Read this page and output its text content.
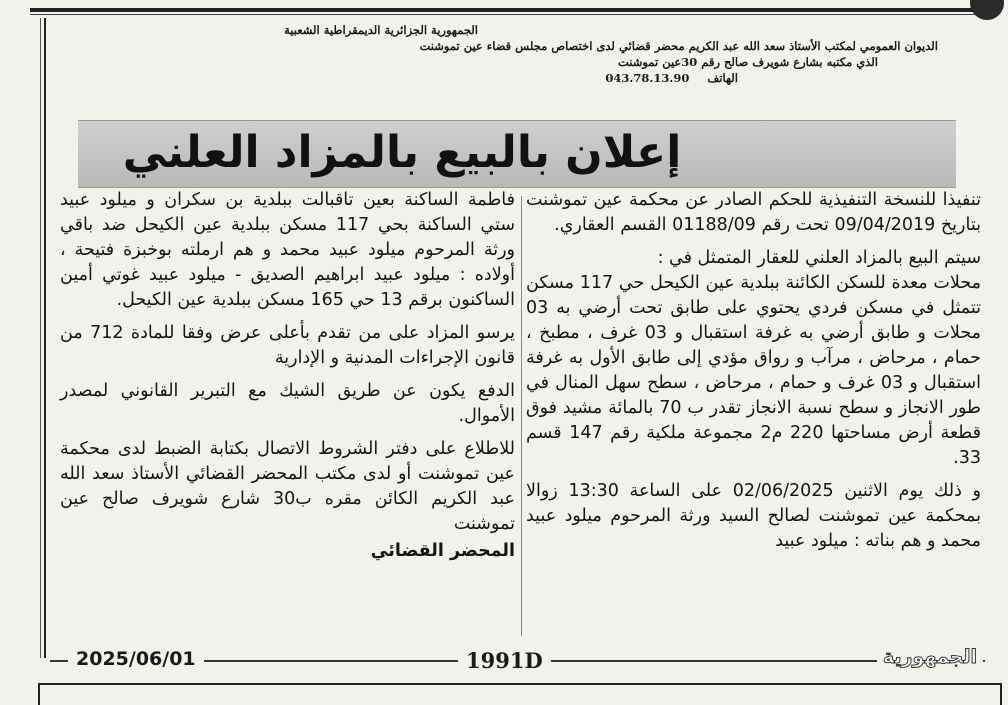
الجمهورية الجزائرية الديمقراطية الشعبية
الديوان العمومي لمكتب الأستاذ سعد الله عبد الكريم محضر قضائي لدى اختصاص مجلس قضاء عين تموشنت
الذي مكتبه بشارع شويرف صالح رقم 30عين تموشنت
الهاتف 043.78.13.90
إعلان بالبيع بالمزاد العلني

تنفيذا للنسخة التنفيذية للحكم الصادر عن محكمة عين تموشنت بتاريخ 09/04/2019 تحت رقم 01188/09 القسم العقاري.

سيتم البيع بالمزاد العلني للعقار المتمثل في :

محلات معدة للسكن الكائنة ببلدية عين الكيحل حي 117 مسكن تتمثل في مسكن فردي يحتوي على طابق تحت أرضي به 03 محلات و طابق أرضي به غرفة استقبال و 03 غرف ، مطبخ ، حمام ، مرحاض ، مرآب و رواق مؤدي إلى طابق الأول به غرفة استقبال و 03 غرف و حمام ، مرحاض ، سطح سهل المنال في طور الانجاز و سطح نسبة الانجاز تقدر ب 70 بالمائة مشيد فوق قطعة أرض مساحتها 220 م2 مجموعة ملكية رقم 147 قسم 33.

و ذلك يوم الاثنين 02/06/2025 على الساعة 13:30 زوالا بمحكمة عين تموشنت لصالح السيد ورثة المرحوم ميلود عبيد محمد و هم بناته : ميلود عبيد

فاطمة الساكنة بعين تاقبالت ببلدية بن سكران و ميلود عبيد ستي الساكنة بحي 117 مسكن ببلدية عين الكيحل ضد باقي ورثة المرحوم ميلود عبيد محمد و هم ارملته بوخبزة فتيحة ، أولاده : ميلود عبيد ابراهيم الصديق - ميلود عبيد غوتي أمين الساكنون برقم 13 حي 165 مسكن ببلدية عين الكيحل.

يرسو المزاد على من تقدم بأعلى عرض وفقا للمادة 712 من قانون الإجراءات المدنية و الإدارية

الدفع يكون عن طريق الشيك مع التبرير القانوني لمصدر الأموال.

للاطلاع على دفتر الشروط الاتصال بكتابة الضبط لدى محكمة عين تموشنت أو لدى مكتب المحضر القضائي الأستاذ سعد الله عبد الكريم الكائن مقره ب30 شارع شويرف صالح عين تموشنت

المحضر القضائي

2025/06/01	1991D	الجمهورية
